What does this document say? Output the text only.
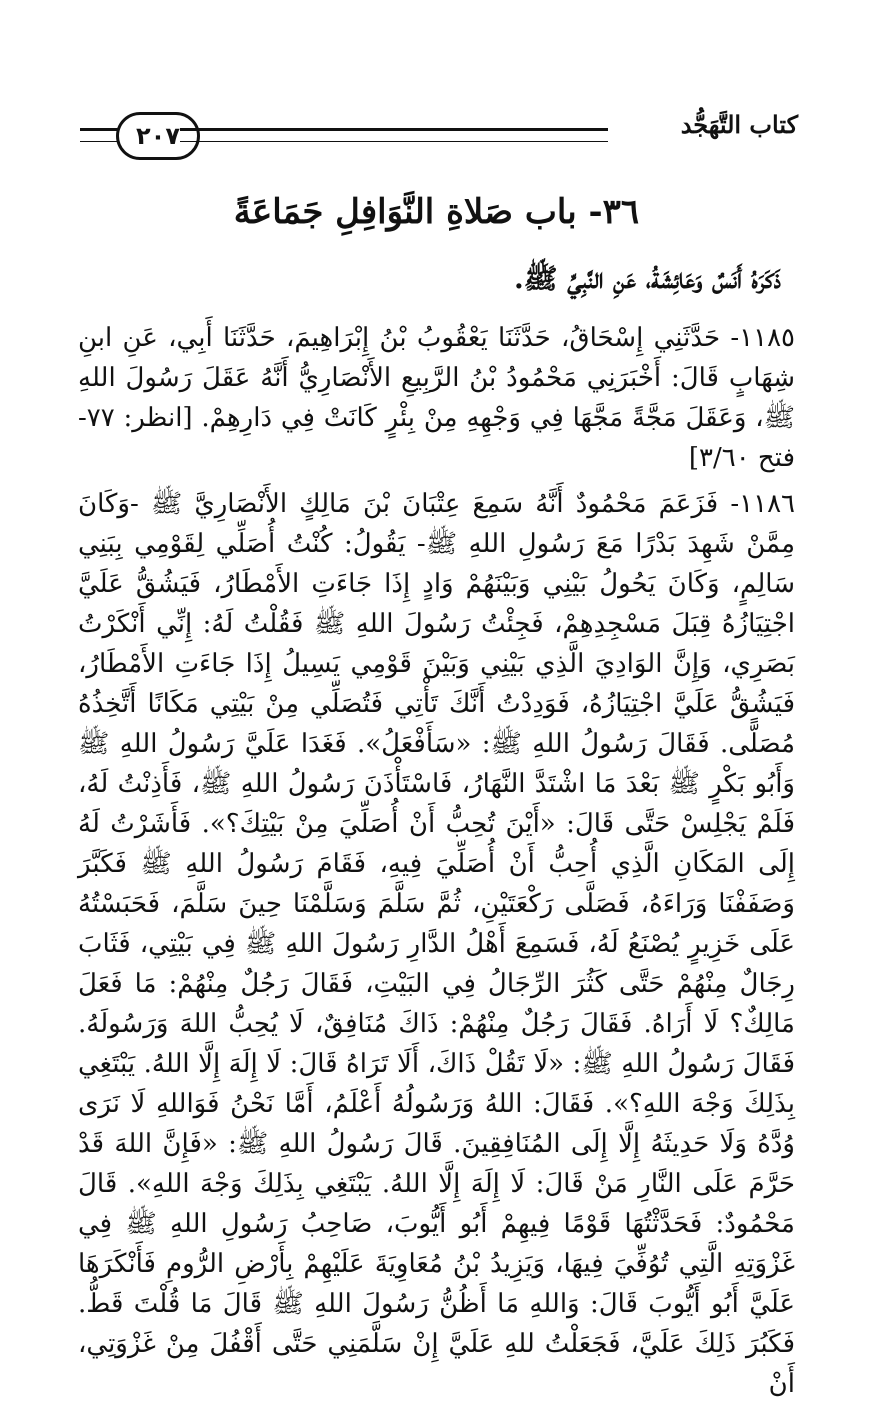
٢٠٧	كتاب التَّهَجُّد
٣٦- باب صَلاةِ النَّوَافِلِ جَمَاعَةً
ذَكَرَهُ أَنَسٌ وَعَائِشَةُ، عَنِ النَّبِيِّ ﷺ.

١١٨٥- حَدَّثَنِي إِسْحَاقُ، حَدَّثَنَا يَعْقُوبُ بْنُ إِبْرَاهِيمَ، حَدَّثَنَا أَبِي، عَنِ ابنِ شِهَابٍ قَالَ: أَخْبَرَنِي مَحْمُودُ بْنُ الرَّبِيعِ الأَنْصَارِيُّ أَنَّهُ عَقَلَ رَسُولَ اللهِ ﷺ، وَعَقَلَ مَجَّةً مَجَّهَا فِي وَجْهِهِ مِنْ بِئْرٍ كَانَتْ فِي دَارِهِمْ. [انظر: ٧٧- فتح ٣/٦٠]

١١٨٦- فَزَعَمَ مَحْمُودٌ أَنَّهُ سَمِعَ عِتْبَانَ بْنَ مَالِكٍ الأَنْصَارِيَّ ﷺ -وَكَانَ مِمَّنْ شَهِدَ بَدْرًا مَعَ رَسُولِ اللهِ ﷺ- يَقُولُ: كُنْتُ أُصَلِّي لِقَوْمِي بِبَنِي سَالِمٍ، وَكَانَ يَحُولُ بَيْنِي وَبَيْنَهُمْ وَادٍ إِذَا جَاءَتِ الأَمْطَارُ، فَيَشُقُّ عَلَيَّ اجْتِيَازُهُ قِبَلَ مَسْجِدِهِمْ، فَجِئْتُ رَسُولَ اللهِ ﷺ فَقُلْتُ لَهُ: إِنِّي أَنْكَرْتُ بَصَرِي، وَإِنَّ الوَادِيَ الَّذِي بَيْنِي وَبَيْنَ قَوْمِي يَسِيلُ إِذَا جَاءَتِ الأَمْطَارُ، فَيَشُقُّ عَلَيَّ اجْتِيَازُهُ، فَوَدِدْتُ أَنَّكَ تَأْتِي فَتُصَلِّي مِنْ بَيْتِي مَكَانًا أَتَّخِذُهُ مُصَلًّى. فَقَالَ رَسُولُ اللهِ ﷺ: «سَأَفْعَلُ». فَغَدَا عَلَيَّ رَسُولُ اللهِ ﷺ وَأَبُو بَكْرٍ ﷺ بَعْدَ مَا اشْتَدَّ النَّهَارُ، فَاسْتَأْذَنَ رَسُولُ اللهِ ﷺ، فَأَذِنْتُ لَهُ، فَلَمْ يَجْلِسْ حَتَّى قَالَ: «أَيْنَ تُحِبُّ أَنْ أُصَلِّيَ مِنْ بَيْتِكَ؟». فَأَشَرْتُ لَهُ إِلَى المَكَانِ الَّذِي أُحِبُّ أَنْ أُصَلِّيَ فِيهِ، فَقَامَ رَسُولُ اللهِ ﷺ فَكَبَّرَ وَصَفَفْنَا وَرَاءَهُ، فَصَلَّى رَكْعَتَيْنِ، ثُمَّ سَلَّمَ وَسَلَّمْنَا حِينَ سَلَّمَ، فَحَبَسْتُهُ عَلَى خَزِيرٍ يُصْنَعُ لَهُ، فَسَمِعَ أَهْلُ الدَّارِ رَسُولَ اللهِ ﷺ فِي بَيْتِي، فَثَابَ رِجَالٌ مِنْهُمْ حَتَّى كَثُرَ الرِّجَالُ فِي البَيْتِ، فَقَالَ رَجُلٌ مِنْهُمْ: مَا فَعَلَ مَالِكٌ؟ لَا أَرَاهُ. فَقَالَ رَجُلٌ مِنْهُمْ: ذَاكَ مُنَافِقٌ، لَا يُحِبُّ اللهَ وَرَسُولَهُ. فَقَالَ رَسُولُ اللهِ ﷺ: «لَا تَقُلْ ذَاكَ، أَلَا تَرَاهُ قَالَ: لَا إِلَهَ إِلَّا اللهُ. يَبْتَغِي بِذَلِكَ وَجْهَ اللهِ؟». فَقَالَ: اللهُ وَرَسُولُهُ أَعْلَمُ، أَمَّا نَحْنُ فَوَاللهِ لَا نَرَى وُدَّهُ وَلَا حَدِيثَهُ إِلَّا إِلَى المُنَافِقِينَ. قَالَ رَسُولُ اللهِ ﷺ: «فَإِنَّ اللهَ قَدْ حَرَّمَ عَلَى النَّارِ مَنْ قَالَ: لَا إِلَهَ إِلَّا اللهُ. يَبْتَغِي بِذَلِكَ وَجْهَ اللهِ». قَالَ مَحْمُودٌ: فَحَدَّثْتُهَا قَوْمًا فِيهِمْ أَبُو أَيُّوبَ، صَاحِبُ رَسُولِ اللهِ ﷺ فِي غَزْوَتِهِ الَّتِي تُوُفِّيَ فِيهَا، وَيَزِيدُ بْنُ مُعَاوِيَةَ عَلَيْهِمْ بِأَرْضِ الرُّومِ فَأَنْكَرَهَا عَلَيَّ أَبُو أَيُّوبَ قَالَ: وَاللهِ مَا أَظُنُّ رَسُولَ اللهِ ﷺ قَالَ مَا قُلْتَ قَطُّ. فَكَبُرَ ذَلِكَ عَلَيَّ، فَجَعَلْتُ للهِ عَلَيَّ إِنْ سَلَّمَنِي حَتَّى أَقْفُلَ مِنْ غَزْوَتِي، أَنْ
